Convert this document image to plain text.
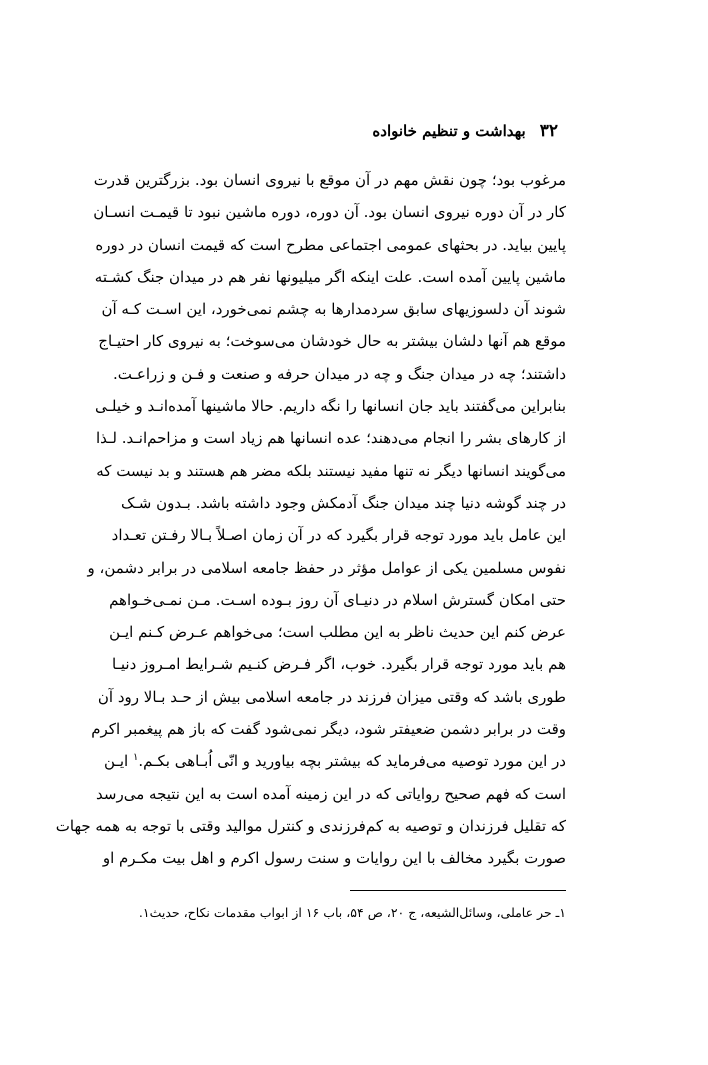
۳۲
بهداشت و تنظیم خانواده
مرغوب بود؛ چون نقش مهم در آن موقع با نیروی انسان بود. بزرگترین قدرت
کار در آن دوره نیروی انسان بود. آن دوره، دوره ماشین نبود تا قیمـت انسـان
پایین بیاید. در بحثهای عمومی اجتماعی مطرح است که قیمت انسان در دوره
ماشین پایین آمده است. علت اینکه اگر میلیونها نفر هم در میدان جنگ کشـته
شوند آن دلسوزیهای سابق سردمدارها به چشم نمی‌خورد، این اسـت کـه آن
موقع هم آنها دلشان بیشتر به حال خودشان می‌سوخت؛ به نیروی کار احتیـاج
داشتند؛ چه در میدان جنگ و چه در میدان حرفه و صنعت و فـن و زراعـت.
بنابراین می‌گفتند باید جان انسانها را نگه داریم. حالا ماشینها آمده‌انـد و خیلـی
از کارهای بشر را انجام می‌دهند؛ عده انسانها هم زیاد است و مزاحم‌انـد. لـذا
می‌گویند انسانها دیگر نه تنها مفید نیستند بلکه مضر هم هستند و بد نیست که
در چند گوشه دنیا چند میدان جنگ آدمکش وجود داشته باشد. بـدون شـک
این عامل باید مورد توجه قرار بگیرد که در آن زمان اصـلاً بـالا رفـتن تعـداد
نفوس مسلمین یکی از عوامل مؤثر در حفظ جامعه اسلامی در برابر دشمن، و
حتی امکان گسترش اسلام در دنیـای آن روز بـوده اسـت. مـن نمـی‌خـواهم
عرض کنم این حدیث ناظر به این مطلب است؛ می‌خواهم عـرض کـنم ایـن
هم باید مورد توجه قرار بگیرد. خوب، اگر فـرض کنـیم شـرایط امـروز دنیـا
طوری باشد که وقتی میزان فرزند در جامعه اسلامی بیش از حـد بـالا رود آن
وقت در برابر دشمن ضعیفتر شود، دیگر نمی‌شود گفت که باز هم پیغمبر اکرم
در این مورد توصیه می‌فرماید که بیشتر بچه بیاورید و انّی اُبـاهی بکـم.$^۱$ ایـن
است که فهم صحیح روایاتی که در این زمینه آمده است به این نتیجه می‌رسد
که تقلیل فرزندان و توصیه به کم‌فرزندی و کنترل موالید وقتی با توجه به همه جهات
صورت بگیرد مخالف با این روایات و سنت رسول اکرم و اهل بیت مکـرم او
۱ـ حر عاملی، وسائل‌الشیعه، ج ۲۰، ص ۵۴، باب ۱۶ از ابواب مقدمات نکاح، حدیث۱.
